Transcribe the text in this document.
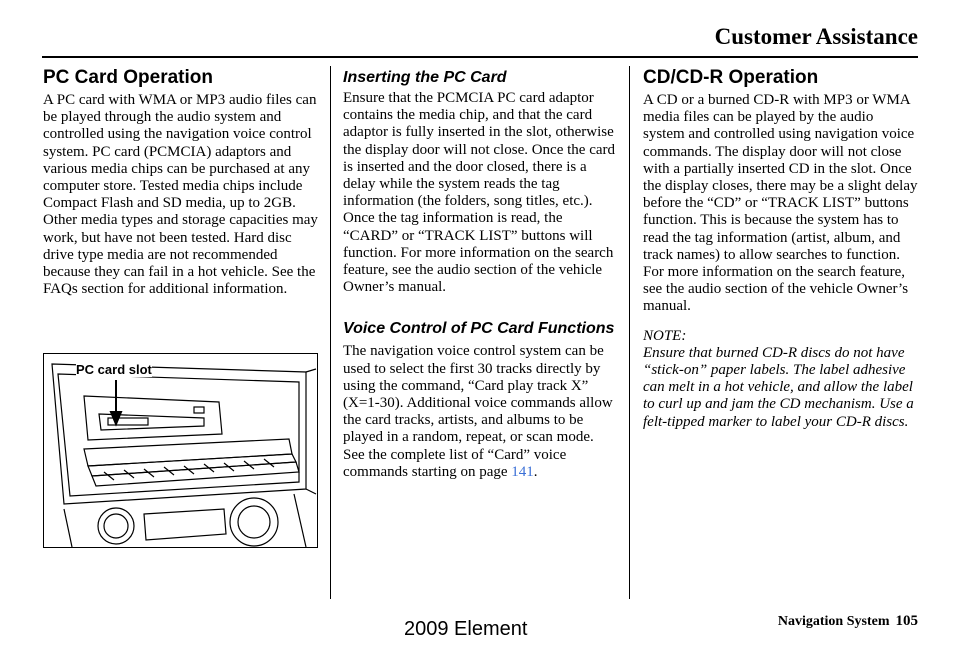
Customer Assistance
PC Card Operation

A PC card with WMA or MP3 audio files can be played through the audio system and controlled using the navigation voice control system. PC card (PCMCIA) adaptors and various media chips can be purchased at any computer store. Tested media chips include Compact Flash and SD media, up to 2GB. Other media types and storage capacities may work, but have not been tested. Hard disc drive type media are not recommended because they can fail in a hot vehicle. See the FAQs section for additional information.

PC card slot
Inserting the PC Card

Ensure that the PCMCIA PC card adaptor contains the media chip, and that the card adaptor is fully inserted in the slot, otherwise the display door will not close. Once the card is inserted and the door closed, there is a delay while the system reads the tag information (the folders, song titles, etc.). Once the tag information is read, the “CARD” or “TRACK LIST” buttons will function. For more information on the search feature, see the audio section of the vehicle Owner’s manual.

Voice Control of PC Card Functions

The navigation voice control system can be used to select the first 30 tracks directly by using the command, “Card play track X” (X=1-30). Additional voice commands allow the card tracks, artists, and albums to be played in a random, repeat, or scan mode. See the complete list of “Card” voice commands starting on page 141.

CD/CD-R Operation

A CD or a burned CD-R with MP3 or WMA media files can be played by the audio system and controlled using navigation voice commands. The display door will not close with a partially inserted CD in the slot. Once the display closes, there may be a slight delay before the “CD” or “TRACK LIST” buttons function. This is because the system has to read the tag information (artist, album, and track names) to allow searches to function. For more information on the search feature, see the audio section of the vehicle Owner’s manual.

NOTE:

Ensure that burned CD-R discs do not have “stick-on” paper labels. The label adhesive can melt in a hot vehicle, and allow the label to curl up and jam the CD mechanism. Use a felt-tipped marker to label your CD-R discs.

Navigation System 105
2009 Element
